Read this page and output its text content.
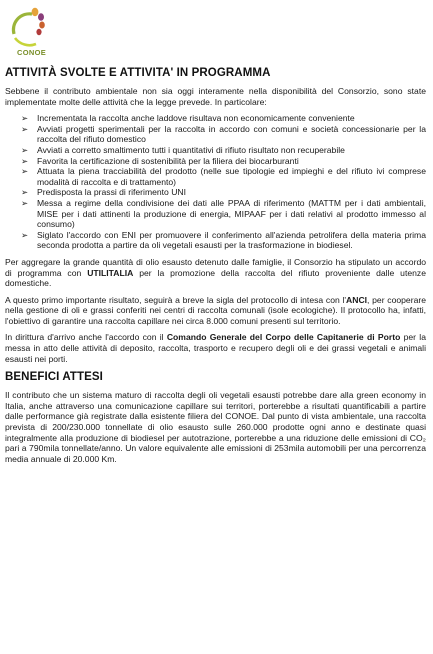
CONOE
ATTIVITÀ SVOLTE E ATTIVITA' IN PROGRAMMA

Sebbene il contributo ambientale non sia oggi interamente nella disponibilità del Consorzio, sono state implementate molte delle attività che la legge prevede. In particolare:

➢ Incrementata la raccolta anche laddove risultava non economicamente conveniente
➢ Avviati progetti sperimentali per la raccolta in accordo con comuni e società concessionarie per la raccolta del rifiuto domestico
➢ Avviati a corretto smaltimento tutti i quantitativi di rifiuto risultato non recuperabile
➢ Favorita la certificazione di sostenibilità per la filiera dei biocarburanti
➢ Attuata la piena tracciabilità del prodotto (nelle sue tipologie ed impieghi e del rifiuto ivi comprese modalità di raccolta e di trattamento)
➢ Predisposta la prassi di riferimento UNI
➢ Messa a regime della condivisione dei dati alle PPAA di riferimento (MATTM per i dati ambientali, MISE per i dati attinenti la produzione di energia, MIPAAF per i dati relativi al prodotto immesso al consumo)
➢ Siglato l'accordo con ENI per promuovere il conferimento all'azienda petrolifera della materia prima seconda prodotta a partire da oli vegetali esausti per la trasformazione in biodiesel.

Per aggregare la grande quantità di olio esausto detenuto dalle famiglie, il Consorzio ha stipulato un accordo di programma con UTILITALIA per la promozione della raccolta del rifiuto proveniente dalle utenze domestiche.

A questo primo importante risultato, seguirà a breve la sigla del protocollo di intesa con l'ANCI, per cooperare nella gestione di oli e grassi conferiti nei centri di raccolta comunali (isole ecologiche). Il protocollo ha, infatti, l'obiettivo di garantire una raccolta capillare nei circa 8.000 comuni presenti sul territorio.

In dirittura d'arrivo anche l'accordo con il Comando Generale del Corpo delle Capitanerie di Porto per la messa in atto delle attività di deposito, raccolta, trasporto e recupero degli oli e dei grassi vegetali e animali esausti nei porti.

BENEFICI ATTESI

Il contributo che un sistema maturo di raccolta degli oli vegetali esausti potrebbe dare alla green economy in Italia, anche attraverso una comunicazione capillare sui territori, porterebbe a risultati quantificabili a partire dalle performance già registrate dalla esistente filiera del CONOE. Dal punto di vista ambientale, una raccolta prevista di 200/230.000 tonnellate di olio esausto sulle 260.000 prodotte ogni anno e destinate quasi integralmente alla produzione di biodiesel per autotrazione, porterebbe a una riduzione delle emissioni di CO₂ pari a 790mila tonnellate/anno. Un valore equivalente alle emissioni di 253mila automobili per una percorrenza media annuale di 20.000 Km.
